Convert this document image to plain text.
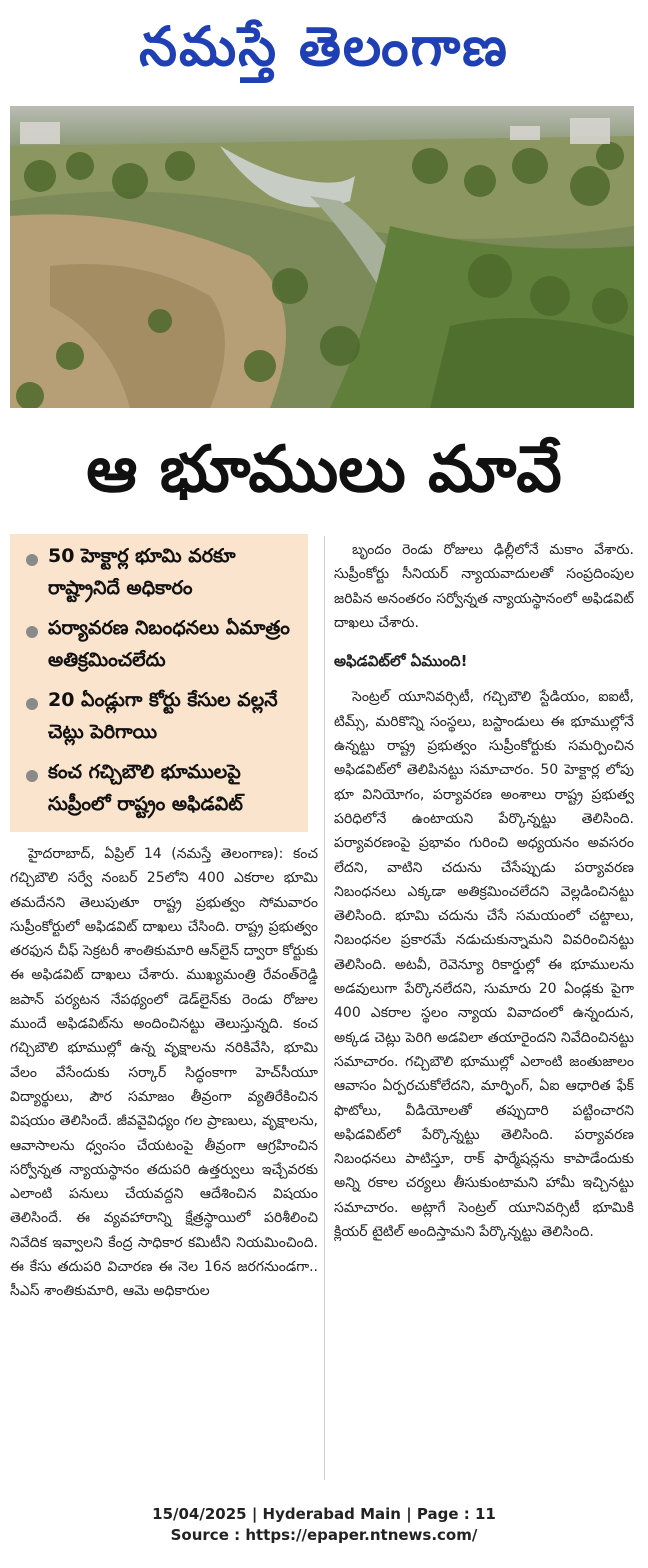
నమస్తే తెలంగాణ
ఆ భూములు మావే
50 హెక్టార్ల భూమి వరకూ రాష్ట్రానిదే అధికారం
పర్యావరణ నిబంధనలు ఏమాత్రం అతిక్రమించలేదు
20 ఏండ్లుగా కోర్టు కేసుల వల్లనే చెట్లు పెరిగాయి
కంచ గచ్చిబౌలి భూములపై సుప్రీంలో రాష్ట్రం అఫిడవిట్

హైదరాబాద్, ఏప్రిల్ 14 (నమస్తే తెలంగాణ): కంచ గచ్చిబౌలి సర్వే నంబర్ 25లోని 400 ఎకరాల భూమి తమదేనని తెలుపుతూ రాష్ట్ర ప్రభుత్వం సోమవారం సుప్రీంకోర్టులో అఫిడవిట్ దాఖలు చేసింది. రాష్ట్ర ప్రభుత్వం తరఫున చీఫ్ సెక్రటరీ శాంతికుమారి ఆన్‌లైన్ ద్వారా కోర్టుకు ఈ అఫిడవిట్ దాఖలు చేశారు. ముఖ్యమంత్రి రేవంత్‌రెడ్డి జపాన్ పర్యటన నేపథ్యంలో డెడ్‌లైన్‌కు రెండు రోజుల ముందే అఫిడవిట్‌ను అందించినట్టు తెలుస్తున్నది. కంచ గచ్చిబౌలి భూముల్లో ఉన్న వృక్షాలను నరికివేసి, భూమి వేలం వేసేందుకు సర్కార్ సిద్ధంకాగా హెచ్‌సీయూ విద్యార్థులు, పౌర సమాజం తీవ్రంగా వ్యతిరేకించిన విషయం తెలిసిందే. జీవవైవిధ్యం గల ప్రాణులు, వృక్షాలను, ఆవాసాలను ధ్వంసం చేయటంపై తీవ్రంగా ఆగ్రహించిన సర్వోన్నత న్యాయస్థానం తదుపరి ఉత్తర్వులు ఇచ్చేవరకు ఎలాంటి పనులు చేయవద్దని ఆదేశించిన విషయం తెలిసిందే. ఈ వ్యవహారాన్ని క్షేత్రస్థాయిలో పరిశీలించి నివేదిక ఇవ్వాలని కేంద్ర సాధికార కమిటీని నియమించింది. ఈ కేసు తదుపరి విచారణ ఈ నెల 16న జరగనుండగా.. సీఎస్ శాంతికుమారి, ఆమె అధికారుల

బృందం రెండు రోజులు ఢిల్లీలోనే మకాం వేశారు. సుప్రీంకోర్టు సీనియర్ న్యాయవాదులతో సంప్రదింపుల జరిపిన అనంతరం సర్వోన్నత న్యాయస్థానంలో అఫిడవిట్ దాఖలు చేశారు.

అఫిడవిట్‌లో ఏముంది!

సెంట్రల్ యూనివర్సిటీ, గచ్చిబౌలి స్టేడియం, ఐఐటీ, టిమ్స్, మరికొన్ని సంస్థలు, బస్టాండులు ఈ భూముల్లోనే ఉన్నట్టు రాష్ట్ర ప్రభుత్వం సుప్రీంకోర్టుకు సమర్పించిన అఫిడవిట్‌లో తెలిపినట్టు సమాచారం. 50 హెక్టార్ల లోపు భూ వినియోగం, పర్యావరణ అంశాలు రాష్ట్ర ప్రభుత్వ పరిధిలోనే ఉంటాయని పేర్కొన్నట్టు తెలిసింది. పర్యావరణంపై ప్రభావం గురించి అధ్యయనం అవసరం లేదని, వాటిని చదును చేసేప్పుడు పర్యావరణ నిబంధనలు ఎక్కడా అతిక్రమించలేదని వెల్లడించినట్టు తెలిసింది. భూమి చదును చేసే సమయంలో చట్టాలు, నిబంధనల ప్రకారమే నడుచుకున్నామని వివరించినట్టు తెలిసింది. అటవీ, రెవెన్యూ రికార్డుల్లో ఈ భూములను అడవులుగా పేర్కొనలేదని, సుమారు 20 ఏండ్లకు పైగా 400 ఎకరాల స్థలం న్యాయ వివాదంలో ఉన్నందున, అక్కడ చెట్లు పెరిగి అడవిలా తయారైందని నివేదించినట్టు సమాచారం. గచ్చిబౌలి భూముల్లో ఎలాంటి జంతుజాలం ఆవాసం ఏర్పరచుకోలేదని, మార్ఫింగ్, ఏఐ ఆధారిత ఫేక్ ఫొటోలు, వీడియోలతో తప్పుదారి పట్టించారని అఫిడవిట్‌లో పేర్కొన్నట్టు తెలిసింది. పర్యావరణ నిబంధనలు పాటిస్తూ, రాక్ ఫార్మేషన్లను కాపాడేందుకు అన్ని రకాల చర్యలు తీసుకుంటామని హామీ ఇచ్చినట్టు సమాచారం. అట్లాగే సెంట్రల్ యూనివర్సిటీ భూమికి క్లియర్ టైటిల్ అందిస్తామని పేర్కొన్నట్టు తెలిసింది.

15/04/2025 | Hyderabad Main | Page : 11
Source : https://epaper.ntnews.com/
